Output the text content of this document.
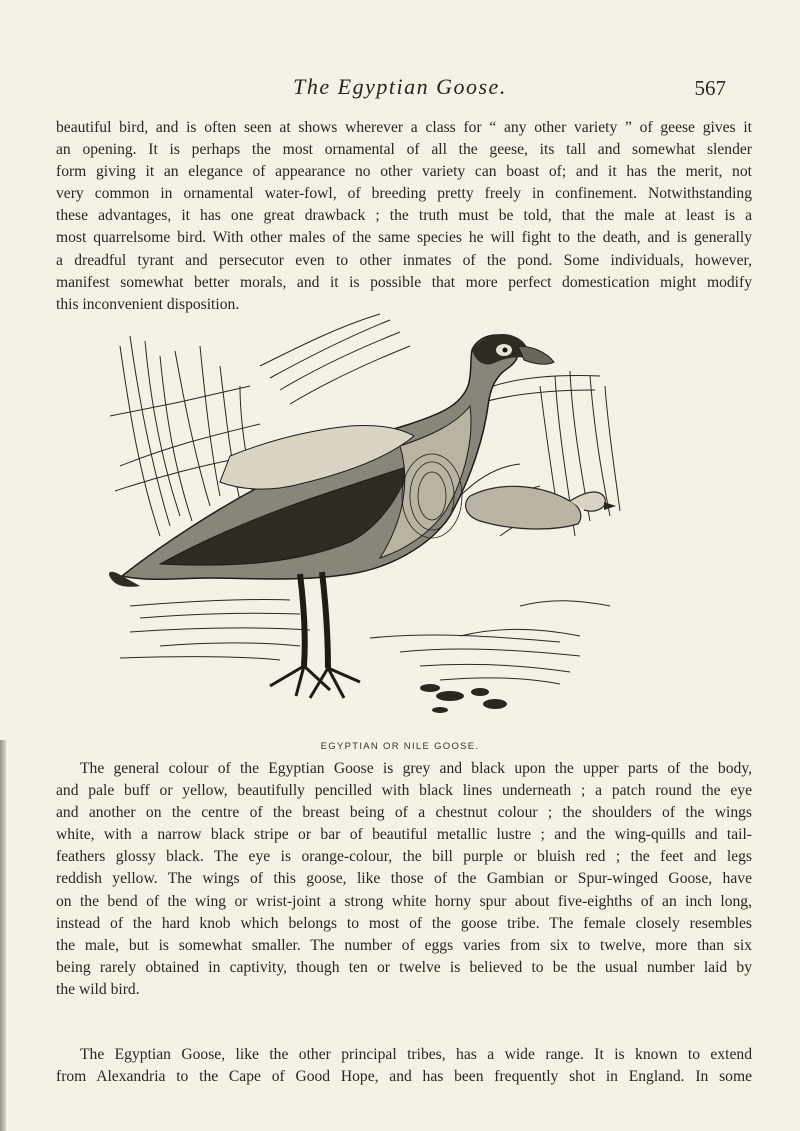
The Egyptian Goose.	567
beautiful bird, and is often seen at shows wherever a class for “ any other variety ” of geese gives it
an opening. It is perhaps the most ornamental of all the geese, its tall and somewhat slender
form giving it an elegance of appearance no other variety can boast of; and it has the merit, not
very common in ornamental water-fowl, of breeding pretty freely in confinement. Notwithstanding
these advantages, it has one great drawback ; the truth must be told, that the male at least is a
most quarrelsome bird. With other males of the same species he will fight to the death, and is generally
a dreadful tyrant and persecutor even to other inmates of the pond. Some individuals, however,
manifest somewhat better morals, and it is possible that more perfect domestication might modify
this inconvenient disposition.
EGYPTIAN OR NILE GOOSE.
The general colour of the Egyptian Goose is grey and black upon the upper parts of the body,
and pale buff or yellow, beautifully pencilled with black lines underneath ; a patch round the eye
and another on the centre of the breast being of a chestnut colour ; the shoulders of the wings
white, with a narrow black stripe or bar of beautiful metallic lustre ; and the wing-quills and tail-
feathers glossy black. The eye is orange-colour, the bill purple or bluish red ; the feet and legs
reddish yellow. The wings of this goose, like those of the Gambian or Spur-winged Goose, have
on the bend of the wing or wrist-joint a strong white horny spur about five-eighths of an inch long,
instead of the hard knob which belongs to most of the goose tribe. The female closely resembles
the male, but is somewhat smaller. The number of eggs varies from six to twelve, more than six
being rarely obtained in captivity, though ten or twelve is believed to be the usual number laid by
the wild bird.
The Egyptian Goose, like the other principal tribes, has a wide range. It is known to extend
from Alexandria to the Cape of Good Hope, and has been frequently shot in England. In some
